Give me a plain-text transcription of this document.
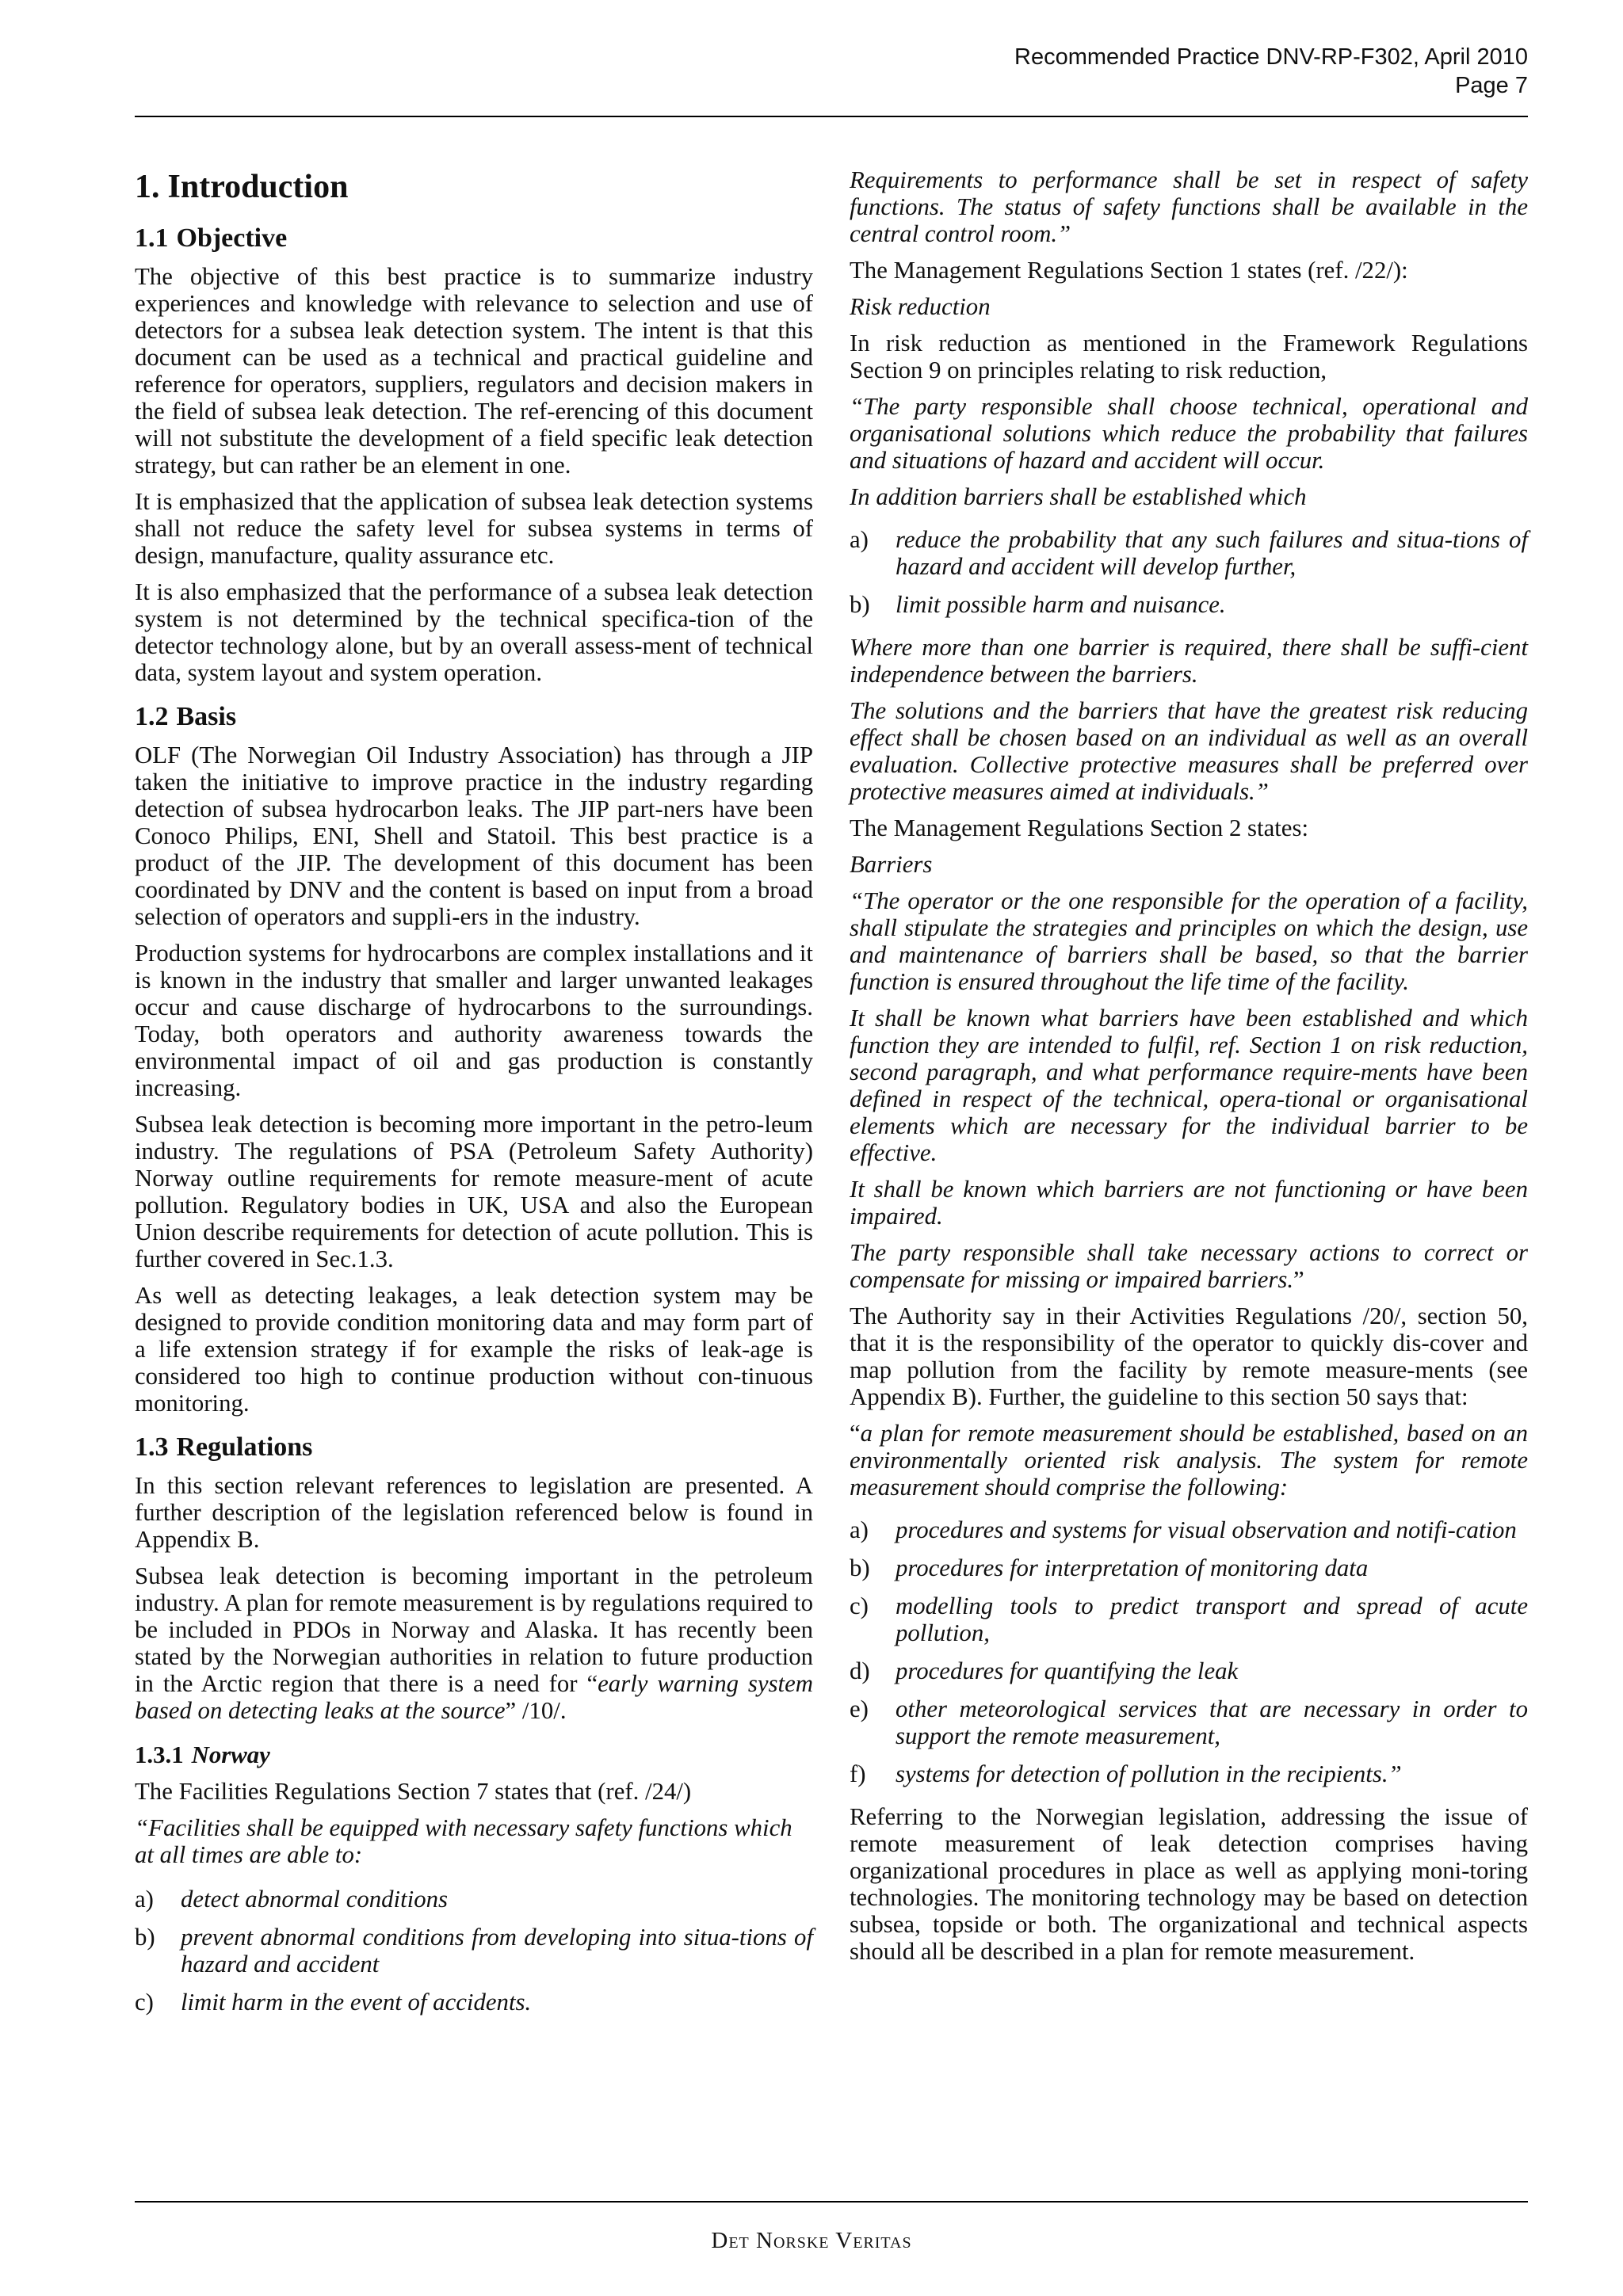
Recommended Practice DNV-RP-F302, April 2010
Page 7
1. Introduction
1.1 Objective

The objective of this best practice is to summarize industry experiences and knowledge with relevance to selection and use of detectors for a subsea leak detection system. The intent is that this document can be used as a technical and practical guideline and reference for operators, suppliers, regulators and decision makers in the field of subsea leak detection. The ref-erencing of this document will not substitute the development of a field specific leak detection strategy, but can rather be an element in one.

It is emphasized that the application of subsea leak detection systems shall not reduce the safety level for subsea systems in terms of design, manufacture, quality assurance etc.

It is also emphasized that the performance of a subsea leak detection system is not determined by the technical specifica-tion of the detector technology alone, but by an overall assess-ment of technical data, system layout and system operation.

1.2 Basis

OLF (The Norwegian Oil Industry Association) has through a JIP taken the initiative to improve practice in the industry regarding detection of subsea hydrocarbon leaks. The JIP part-ners have been Conoco Philips, ENI, Shell and Statoil. This best practice is a product of the JIP. The development of this document has been coordinated by DNV and the content is based on input from a broad selection of operators and suppli-ers in the industry.

Production systems for hydrocarbons are complex installations and it is known in the industry that smaller and larger unwanted leakages occur and cause discharge of hydrocarbons to the surroundings. Today, both operators and authority awareness towards the environmental impact of oil and gas production is constantly increasing.

Subsea leak detection is becoming more important in the petro-leum industry. The regulations of PSA (Petroleum Safety Authority) Norway outline requirements for remote measure-ment of acute pollution. Regulatory bodies in UK, USA and also the European Union describe requirements for detection of acute pollution. This is further covered in Sec.1.3.

As well as detecting leakages, a leak detection system may be designed to provide condition monitoring data and may form part of a life extension strategy if for example the risks of leak-age is considered too high to continue production without con-tinuous monitoring.

1.3 Regulations

In this section relevant references to legislation are presented. A further description of the legislation referenced below is found in Appendix B.

Subsea leak detection is becoming important in the petroleum industry. A plan for remote measurement is by regulations required to be included in PDOs in Norway and Alaska. It has recently been stated by the Norwegian authorities in relation to future production in the Arctic region that there is a need for “early warning system based on detecting leaks at the source” /10/.

1.3.1 Norway

The Facilities Regulations Section 7 states that (ref. /24/)

“Facilities shall be equipped with necessary safety functions which at all times are able to:

a)	detect abnormal conditions
b)	prevent abnormal conditions from developing into situa-tions of hazard and accident
c)	limit harm in the event of accidents.

Requirements to performance shall be set in respect of safety functions. The status of safety functions shall be available in the central control room.”

The Management Regulations Section 1 states (ref. /22/):

Risk reduction

In risk reduction as mentioned in the Framework Regulations Section 9 on principles relating to risk reduction,

“The party responsible shall choose technical, operational and organisational solutions which reduce the probability that failures and situations of hazard and accident will occur.

In addition barriers shall be established which

a)	reduce the probability that any such failures and situa-tions of hazard and accident will develop further,
b)	limit possible harm and nuisance.

Where more than one barrier is required, there shall be suffi-cient independence between the barriers.

The solutions and the barriers that have the greatest risk reducing effect shall be chosen based on an individual as well as an overall evaluation. Collective protective measures shall be preferred over protective measures aimed at individuals.”

The Management Regulations Section 2 states:

Barriers

“The operator or the one responsible for the operation of a facility, shall stipulate the strategies and principles on which the design, use and maintenance of barriers shall be based, so that the barrier function is ensured throughout the life time of the facility.

It shall be known what barriers have been established and which function they are intended to fulfil, ref. Section 1 on risk reduction, second paragraph, and what performance require-ments have been defined in respect of the technical, opera-tional or organisational elements which are necessary for the individual barrier to be effective.

It shall be known which barriers are not functioning or have been impaired.

The party responsible shall take necessary actions to correct or compensate for missing or impaired barriers.”

The Authority say in their Activities Regulations /20/, section 50, that it is the responsibility of the operator to quickly dis-cover and map pollution from the facility by remote measure-ments (see Appendix B). Further, the guideline to this section 50 says that:

“a plan for remote measurement should be established, based on an environmentally oriented risk analysis. The system for remote measurement should comprise the following:

a)	procedures and systems for visual observation and notifi-cation
b)	procedures for interpretation of monitoring data
c)	modelling tools to predict transport and spread of acute pollution,
d)	procedures for quantifying the leak
e)	other meteorological services that are necessary in order to support the remote measurement,
f)	systems for detection of pollution in the recipients.”

Referring to the Norwegian legislation, addressing the issue of remote measurement of leak detection comprises having organizational procedures in place as well as applying moni-toring technologies. The monitoring technology may be based on detection subsea, topside or both. The organizational and technical aspects should all be described in a plan for remote measurement.

Det Norske Veritas
